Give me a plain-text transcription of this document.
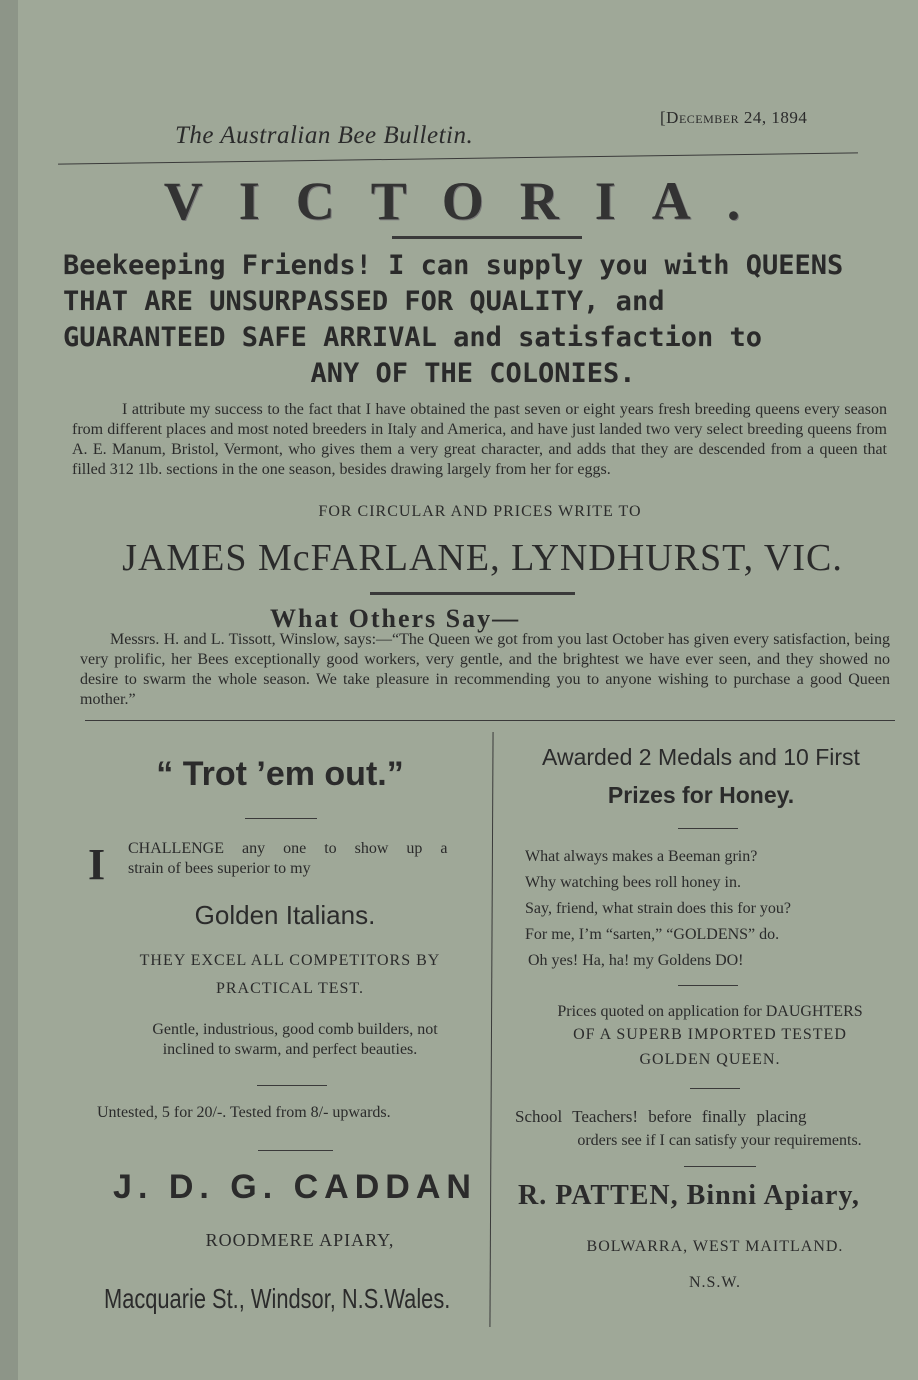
The Australian Bee Bulletin.
[December 24, 1894
VICTORIA.
Beekeeping Friends! I can supply you with QUEENS
THAT ARE UNSURPASSED FOR QUALITY, and
GUARANTEED SAFE ARRIVAL and satisfaction to
ANY OF THE COLONIES.
I attribute my success to the fact that I have obtained the past seven or eight years fresh breeding queens every season from different places and most noted breeders in Italy and America, and have just landed two very select breeding queens from A. E. Manum, Bristol, Vermont, who gives them a very great character, and adds that they are descended from a queen that filled 312 1lb. sections in the one season, besides drawing largely from her for eggs.
FOR CIRCULAR AND PRICES WRITE TO
JAMES McFARLANE, LYNDHURST, VIC.
What Others Say—
Messrs. H. and L. Tissott, Winslow, says:—“The Queen we got from you last October has given every satisfaction, being very prolific, her Bees exceptionally good workers, very gentle, and the brightest we have ever seen, and they showed no desire to swarm the whole season. We take pleasure in recommending you to anyone wishing to purchase a good Queen mother.”
“ Trot ’em out.”
I CHALLENGE any one to show up a
strain of bees superior to my
Golden Italians.
THEY EXCEL ALL COMPETITORS BY
PRACTICAL TEST.
Gentle, industrious, good comb builders, not
inclined to swarm, and perfect beauties.
Untested, 5 for 20/-. Tested from 8/- upwards.
J. D. G. CADDAN
ROODMERE APIARY,
Macquarie St., Windsor, N.S.Wales.
Awarded 2 Medals and 10 First
Prizes for Honey.
What always makes a Beeman grin?
Why watching bees roll honey in.
Say, friend, what strain does this for you?
For me, I’m “sarten,” “GOLDENS” do.
Oh yes! Ha, ha! my Goldens DO!
Prices quoted on application for DAUGHTERS
OF A SUPERB IMPORTED TESTED
GOLDEN QUEEN.
School Teachers! before finally placing
orders see if I can satisfy your requirements.
R. PATTEN, Binni Apiary,
BOLWARRA, WEST MAITLAND.
N.S.W.
